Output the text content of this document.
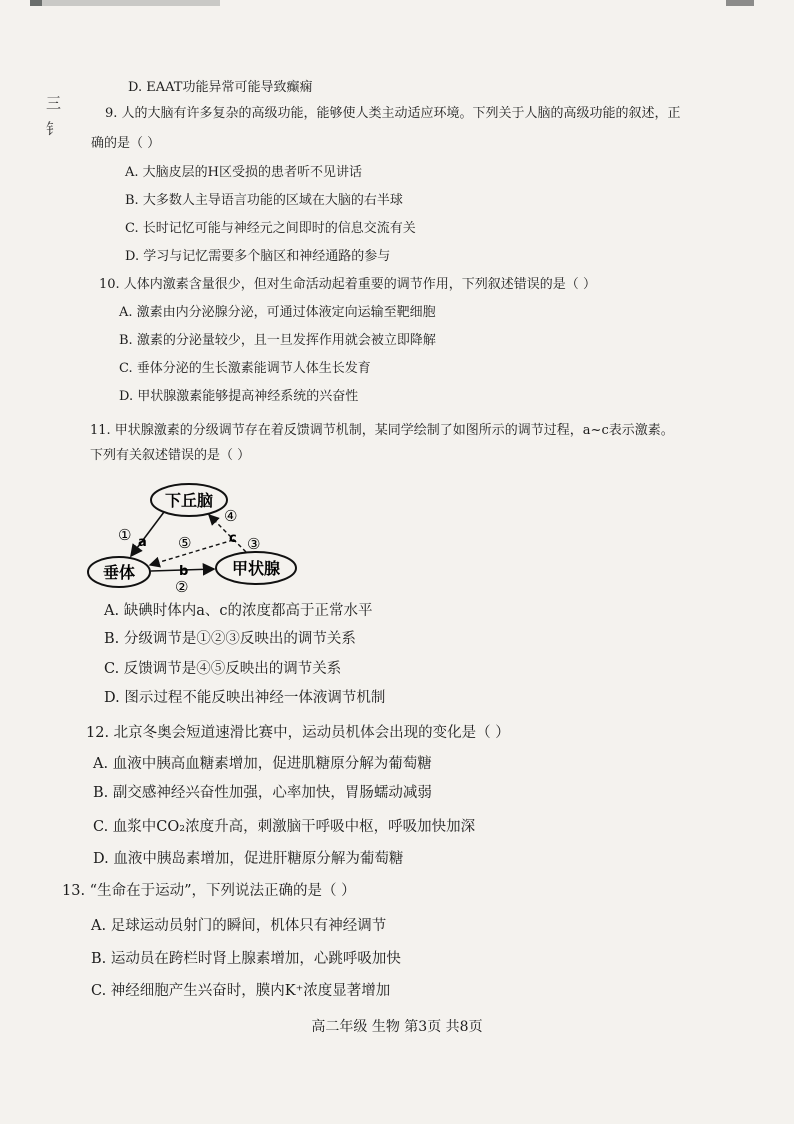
三
钅
D. EAAT功能异常可能导致癫痫
9. 人的大脑有许多复杂的高级功能，能够使人类主动适应环境。下列关于人脑的高级功能的叙述，正
确的是（ ）
A. 大脑皮层的H区受损的患者听不见讲话
B. 大多数人主导语言功能的区域在大脑的右半球
C. 长时记忆可能与神经元之间即时的信息交流有关
D. 学习与记忆需要多个脑区和神经通路的参与
10. 人体内激素含量很少，但对生命活动起着重要的调节作用，下列叙述错误的是（ ）
A. 激素由内分泌腺分泌，可通过体液定向运输至靶细胞
B. 激素的分泌量较少，且一旦发挥作用就会被立即降解
C. 垂体分泌的生长激素能调节人体生长发育
D. 甲状腺激素能够提高神经系统的兴奋性
11. 甲状腺激素的分级调节存在着反馈调节机制，某同学绘制了如图所示的调节过程，a~c表示激素。
下列有关叙述错误的是（ ）
A. 缺碘时体内a、c的浓度都高于正常水平
B. 分级调节是①②③反映出的调节关系
C. 反馈调节是④⑤反映出的调节关系
D. 图示过程不能反映出神经一体液调节机制
12. 北京冬奥会短道速滑比赛中，运动员机体会出现的变化是（ ）
A. 血液中胰高血糖素增加，促进肌糖原分解为葡萄糖
B. 副交感神经兴奋性加强，心率加快，胃肠蠕动减弱
C. 血浆中CO₂浓度升高，刺激脑干呼吸中枢，呼吸加快加深
D. 血液中胰岛素增加，促进肝糖原分解为葡萄糖
13. “生命在于运动”，下列说法正确的是（ ）
A. 足球运动员射门的瞬间，机体只有神经调节
B. 运动员在跨栏时肾上腺素增加，心跳呼吸加快
C. 神经细胞产生兴奋时，膜内K⁺浓度显著增加
下丘脑
垂体	甲状腺
① a
④
⑤	c ③
b
②
高二年级 生物 第3页 共8页
